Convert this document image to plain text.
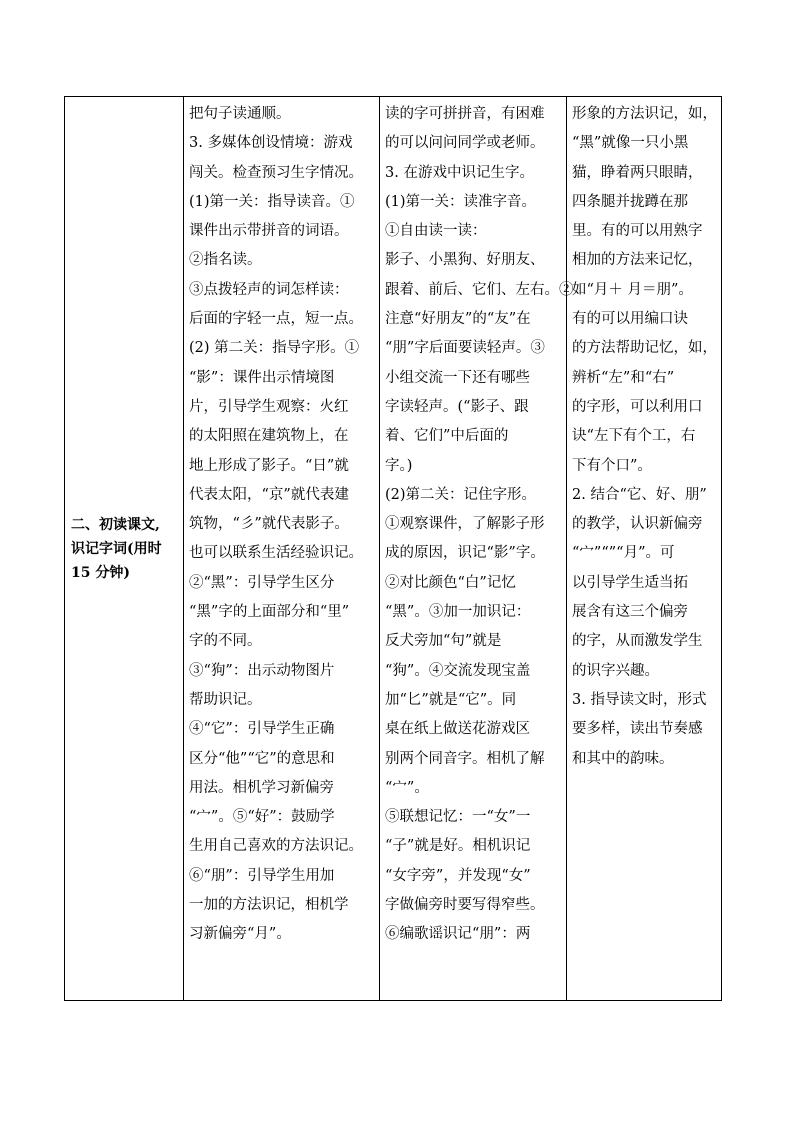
二、初读课文,
识记字词(用时
15 分钟)

把句子读通顺。
3. 多媒体创设情境：游戏
闯关。检查预习生字情况。
(1)第一关：指导读音。①
课件出示带拼音的词语。
②指名读。
③点拨轻声的词怎样读：
后面的字轻一点，短一点。
(2) 第二关：指导字形。①
“影”：课件出示情境图
片，引导学生观察：火红
的太阳照在建筑物上，在
地上形成了影子。“日”就
代表太阳，“京”就代表建
筑物，“彡”就代表影子。
也可以联系生活经验识记。
②“黑”：引导学生区分
“黑”字的上面部分和“里”
字的不同。
③“狗”：出示动物图片
帮助识记。
④“它”：引导学生正确
区分“他”“它”的意思和
用法。相机学习新偏旁
“宀”。⑤“好”：鼓励学
生用自己喜欢的方法识记。
⑥“朋”：引导学生用加
一加的方法识记，相机学
习新偏旁“月”。

读的字可拼拼音，有困难
的可以问问同学或老师。
3. 在游戏中识记生字。
(1)第一关：读准字音。
①自由读一读：
影子、小黑狗、好朋友、
跟着、前后、它们、左右。②
注意“好朋友”的“友”在
“朋”字后面要读轻声。③
小组交流一下还有哪些
字读轻声。(“影子、跟
着、它们”中后面的
字。)
(2)第二关：记住字形。
①观察课件，了解影子形
成的原因，识记“影”字。
②对比颜色“白”记忆
“黑”。③加一加识记：
反犬旁加“句”就是
“狗”。④交流发现宝盖
加“匕”就是“它”。同
桌在纸上做送花游戏区
别两个同音字。相机了解
“宀”。
⑤联想记忆：一“女”一
“子”就是好。相机识记
“女字旁”，并发现“女”
字做偏旁时要写得窄些。
⑥编歌谣识记“朋”：两

形象的方法识记，如，
“黑”就像一只小黑
猫，睁着两只眼睛，
四条腿并拢蹲在那
里。有的可以用熟字
相加的方法来记忆，
如“月＋ 月＝朋”。
有的可以用编口诀
的方法帮助记忆，如，
辨析“左”和“右”
的字形，可以利用口
诀“左下有个工，右
下有个口”。
2. 结合“它、好、朋”
的教学，认识新偏旁
“宀”“”“月”。可
以引导学生适当拓
展含有这三个偏旁
的字，从而激发学生
的识字兴趣。
3. 指导读文时，形式
要多样，读出节奏感
和其中的韵味。
